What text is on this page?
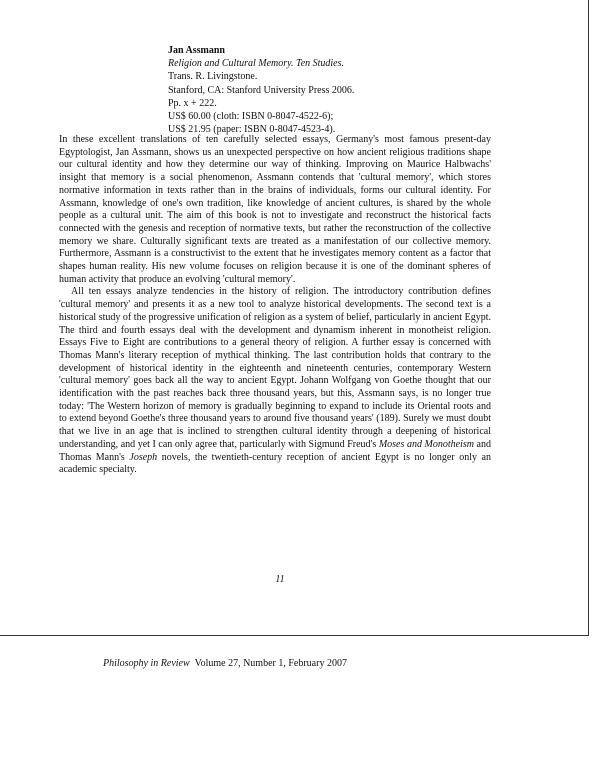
Jan Assmann
Religion and Cultural Memory. Ten Studies.
Trans. R. Livingstone.
Stanford, CA: Stanford University Press 2006.
Pp. x + 222.
US$ 60.00 (cloth: ISBN 0-8047-4522-6);
US$ 21.95 (paper: ISBN 0-8047-4523-4).

In these excellent translations of ten carefully selected essays, Germany's most famous present-day Egyptologist, Jan Assmann, shows us an unexpected perspective on how ancient religious traditions shape our cultural identity and how they determine our way of thinking. Improving on Maurice Halbwachs' insight that memory is a social phenomenon, Assmann contends that 'cultural memory', which stores normative information in texts rather than in the brains of individuals, forms our cultural identity. For Assmann, knowledge of one's own tradition, like knowledge of ancient cultures, is shared by the whole people as a cultural unit. The aim of this book is not to investigate and reconstruct the historical facts connected with the genesis and reception of normative texts, but rather the reconstruction of the collective memory we share. Culturally significant texts are treated as a manifestation of our collective memory. Furthermore, Assmann is a constructivist to the extent that he investigates memory content as a factor that shapes human reality. His new volume focuses on religion because it is one of the dominant spheres of human activity that produce an evolving 'cultural memory'.

All ten essays analyze tendencies in the history of religion. The introductory contribution defines 'cultural memory' and presents it as a new tool to analyze historical developments. The second text is a historical study of the progressive unification of religion as a system of belief, particularly in ancient Egypt. The third and fourth essays deal with the development and dynamism inherent in monotheist religion. Essays Five to Eight are contributions to a general theory of religion. A further essay is concerned with Thomas Mann's literary reception of mythical thinking. The last contribution holds that contrary to the development of historical identity in the eighteenth and nineteenth centuries, contemporary Western 'cultural memory' goes back all the way to ancient Egypt. Johann Wolfgang von Goethe thought that our identification with the past reaches back three thousand years, but this, Assmann says, is no longer true today: 'The Western horizon of memory is gradually beginning to expand to include its Oriental roots and to extend beyond Goethe's three thousand years to around five thousand years' (189). Surely we must doubt that we live in an age that is inclined to strengthen cultural identity through a deepening of historical understanding, and yet I can only agree that, particularly with Sigmund Freud's Moses and Monotheism and Thomas Mann's Joseph novels, the twentieth-century reception of ancient Egypt is no longer only an academic specialty.

11
Philosophy in Review Volume 27, Number 1, February 2007
